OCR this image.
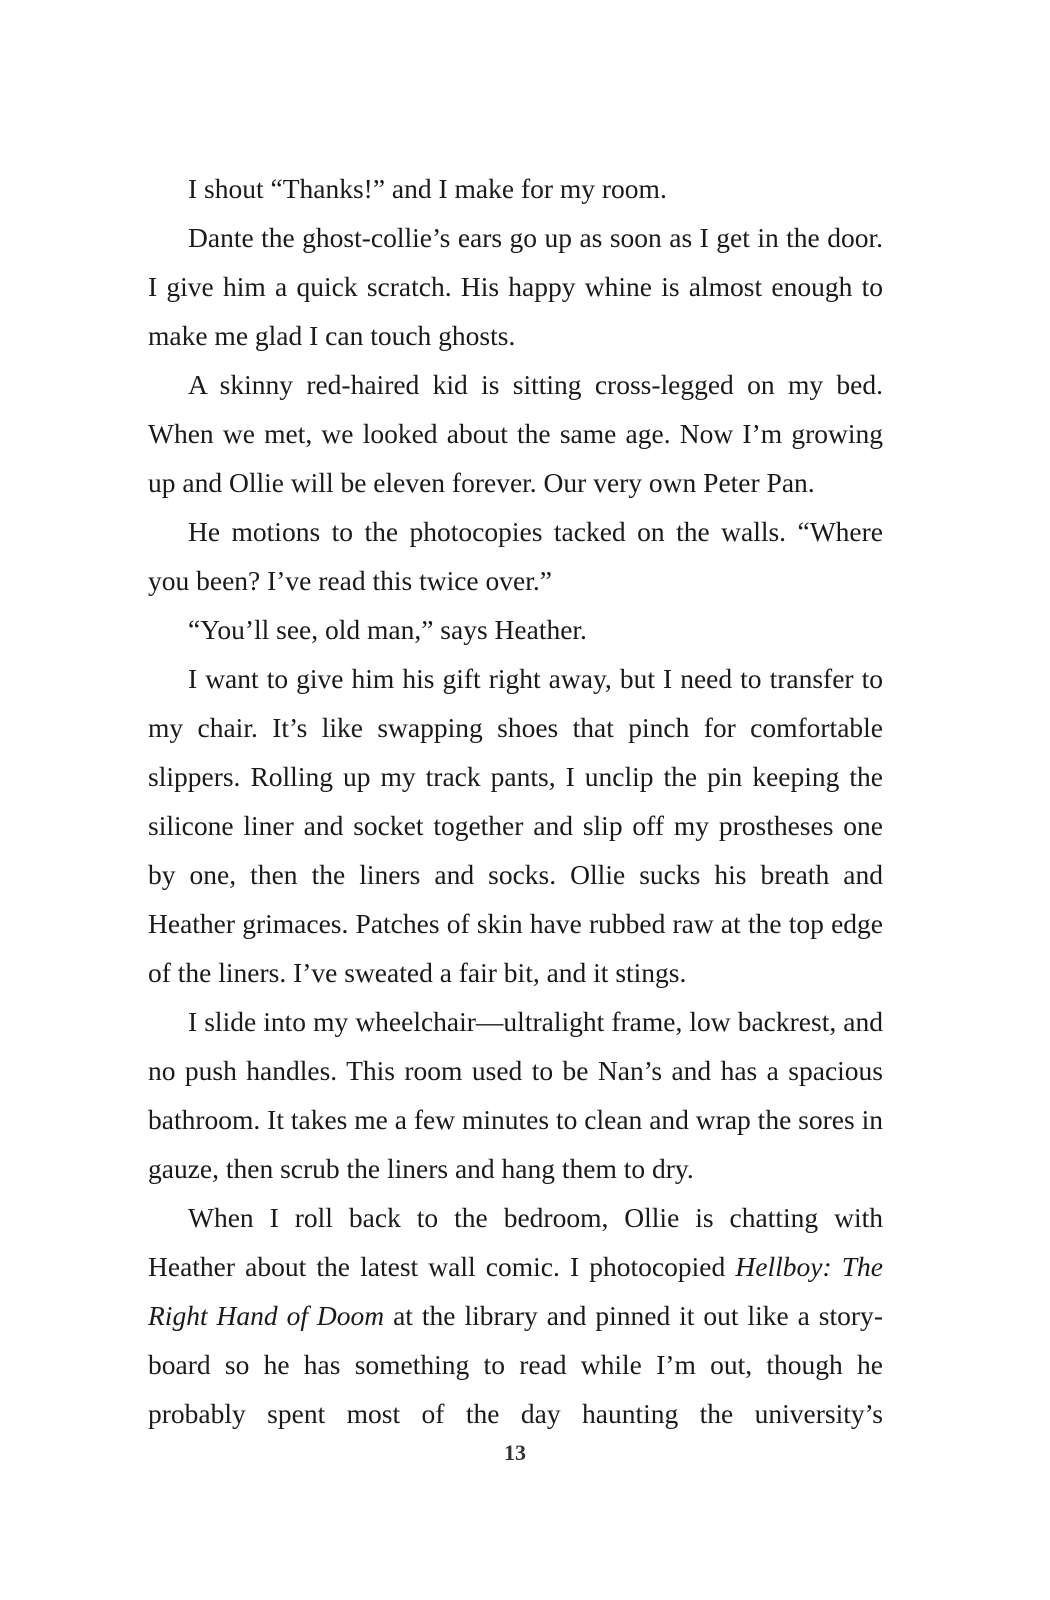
I shout “Thanks!” and I make for my room.

Dante the ghost-collie’s ears go up as soon as I get in the door. I give him a quick scratch. His happy whine is almost enough to make me glad I can touch ghosts.

A skinny red-haired kid is sitting cross-legged on my bed. When we met, we looked about the same age. Now I’m growing up and Ollie will be eleven forever. Our very own Peter Pan.

He motions to the photocopies tacked on the walls. “Where you been? I’ve read this twice over.”

“You’ll see, old man,” says Heather.

I want to give him his gift right away, but I need to transfer to my chair. It’s like swapping shoes that pinch for comfortable slippers. Rolling up my track pants, I unclip the pin keeping the silicone liner and socket together and slip off my prostheses one by one, then the liners and socks. Ollie sucks his breath and Heather grimaces. Patches of skin have rubbed raw at the top edge of the liners. I’ve sweated a fair bit, and it stings.

I slide into my wheelchair—ultralight frame, low backrest, and no push handles. This room used to be Nan’s and has a spacious bathroom. It takes me a few minutes to clean and wrap the sores in gauze, then scrub the liners and hang them to dry.

When I roll back to the bedroom, Ollie is chatting with Heather about the latest wall comic. I photocopied Hellboy: The Right Hand of Doom at the library and pinned it out like a storyboard so he has something to read while I’m out, though he probably spent most of the day haunting the university’s

13
